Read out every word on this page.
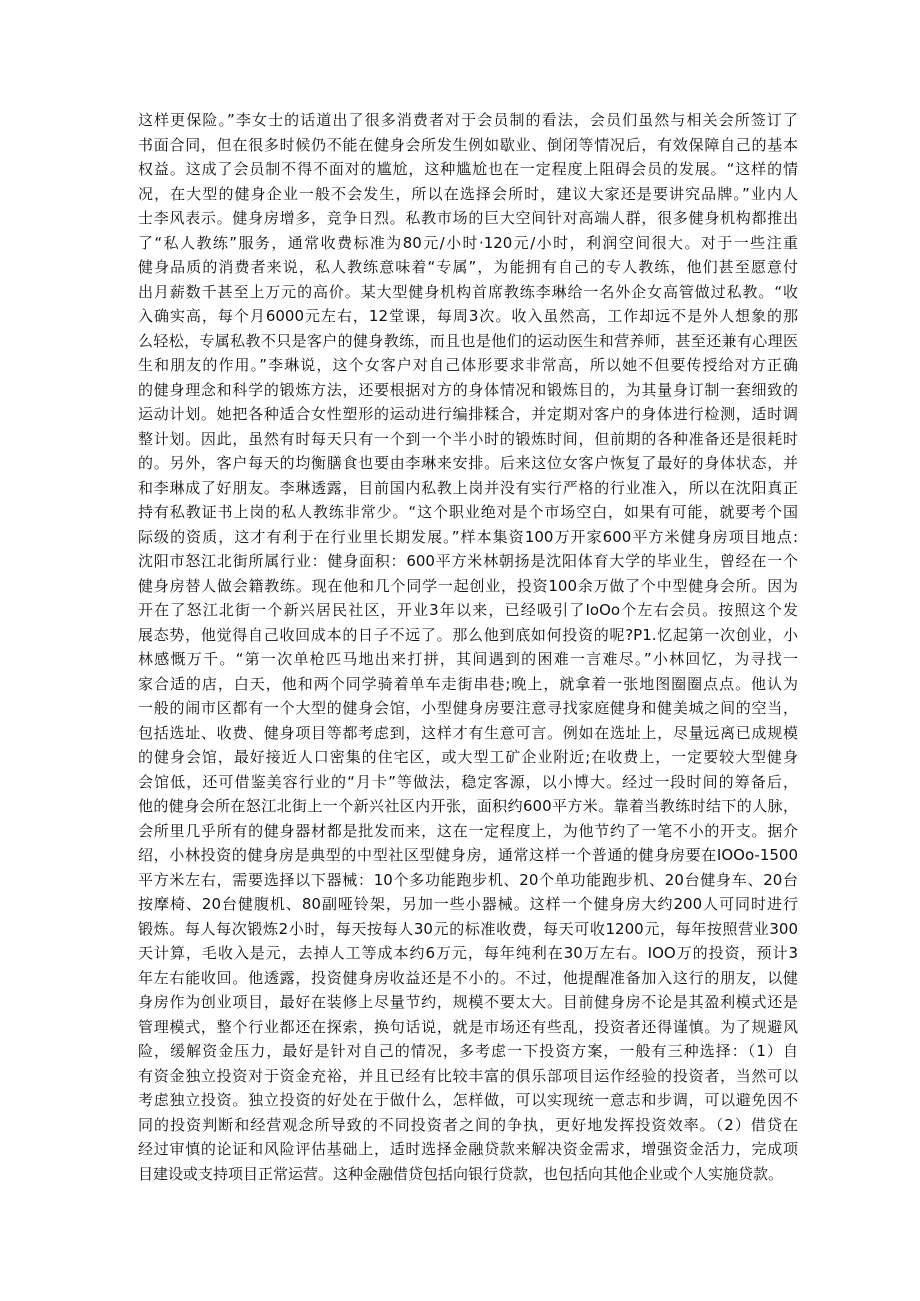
这样更保险。”李女士的话道出了很多消费者对于会员制的看法，会员们虽然与相关会所签订了
书面合同，但在很多时候仍不能在健身会所发生例如歇业、倒闭等情况后，有效保障自己的基本
权益。这成了会员制不得不面对的尴尬，这种尴尬也在一定程度上阻碍会员的发展。“这样的情
况，在大型的健身企业一般不会发生，所以在选择会所时，建议大家还是要讲究品牌。”业内人
士李风表示。健身房增多，竞争日烈。私教市场的巨大空间针对高端人群，很多健身机构都推出
了“私人教练”服务，通常收费标准为80元/小时·120元/小时，利润空间很大。对于一些注重
健身品质的消费者来说，私人教练意味着“专属”，为能拥有自己的专人教练，他们甚至愿意付
出月薪数千甚至上万元的高价。某大型健身机构首席教练李琳给一名外企女高管做过私教。“收
入确实高，每个月6000元左右，12堂课，每周3次。收入虽然高，工作却远不是外人想象的那
么轻松，专属私教不只是客户的健身教练，而且也是他们的运动医生和营养师，甚至还兼有心理医
生和朋友的作用。”李琳说，这个女客户对自己体形要求非常高，所以她不但要传授给对方正确
的健身理念和科学的锻炼方法，还要根据对方的身体情况和锻炼目的，为其量身订制一套细致的
运动计划。她把各种适合女性塑形的运动进行编排糅合，并定期对客户的身体进行检测，适时调
整计划。因此，虽然有时每天只有一个到一个半小时的锻炼时间，但前期的各种准备还是很耗时
的。另外，客户每天的均衡膳食也要由李琳来安排。后来这位女客户恢复了最好的身体状态，并
和李琳成了好朋友。李琳透露，目前国内私教上岗并没有实行严格的行业准入，所以在沈阳真正
持有私教证书上岗的私人教练非常少。“这个职业绝对是个市场空白，如果有可能，就要考个国
际级的资质，这才有利于在行业里长期发展。”样本集资100万开家600平方米健身房项目地点:
沈阳市怒江北街所属行业：健身面积：600平方米林朝扬是沈阳体育大学的毕业生，曾经在一个
健身房替人做会籍教练。现在他和几个同学一起创业，投资100余万做了个中型健身会所。因为
开在了怒江北街一个新兴居民社区，开业3年以来，已经吸引了IoOo个左右会员。按照这个发
展态势，他觉得自己收回成本的日子不远了。那么他到底如何投资的呢?P1.忆起第一次创业，小
林感慨万千。“第一次单枪匹马地出来打拼，其间遇到的困难一言难尽。”小林回忆，为寻找一
家合适的店，白天，他和两个同学骑着单车走街串巷;晚上，就拿着一张地图圈圈点点。他认为
一般的闹市区都有一个大型的健身会馆，小型健身房要注意寻找家庭健身和健美城之间的空当，
包括选址、收费、健身项目等都考虑到，这样才有生意可言。例如在选址上，尽量远离已成规模
的健身会馆，最好接近人口密集的住宅区，或大型工矿企业附近;在收费上，一定要较大型健身
会馆低，还可借鉴美容行业的“月卡”等做法，稳定客源，以小博大。经过一段时间的筹备后，
他的健身会所在怒江北街上一个新兴社区内开张，面积约600平方米。靠着当教练时结下的人脉，
会所里几乎所有的健身器材都是批发而来，这在一定程度上，为他节约了一笔不小的开支。据介
绍，小林投资的健身房是典型的中型社区型健身房，通常这样一个普通的健身房要在IOOo-1500
平方米左右，需要选择以下器械：10个多功能跑步机、20个单功能跑步机、20台健身车、20台
按摩椅、20台健腹机、80副哑铃架，另加一些小器械。这样一个健身房大约200人可同时进行
锻炼。每人每次锻炼2小时，每天按每人30元的标准收费，每天可收1200元，每年按照营业300
天计算，毛收入是元，去掉人工等成本约6万元，每年纯利在30万左右。IOO万的投资，预计3
年左右能收回。他透露，投资健身房收益还是不小的。不过，他提醒准备加入这行的朋友，以健
身房作为创业项目，最好在装修上尽量节约，规模不要太大。目前健身房不论是其盈利模式还是
管理模式，整个行业都还在探索，换句话说，就是市场还有些乱，投资者还得谨慎。为了规避风
险，缓解资金压力，最好是针对自己的情况，多考虑一下投资方案，一般有三种选择：（1）自
有资金独立投资对于资金充裕，并且已经有比较丰富的俱乐部项目运作经验的投资者，当然可以
考虑独立投资。独立投资的好处在于做什么，怎样做，可以实现统一意志和步调，可以避免因不
同的投资判断和经营观念所导致的不同投资者之间的争执，更好地发挥投资效率。（2）借贷在
经过审慎的论证和风险评估基础上，适时选择金融贷款来解决资金需求，增强资金活力，完成项
目建设或支持项目正常运营。这种金融借贷包括向银行贷款，也包括向其他企业或个人实施贷款。
